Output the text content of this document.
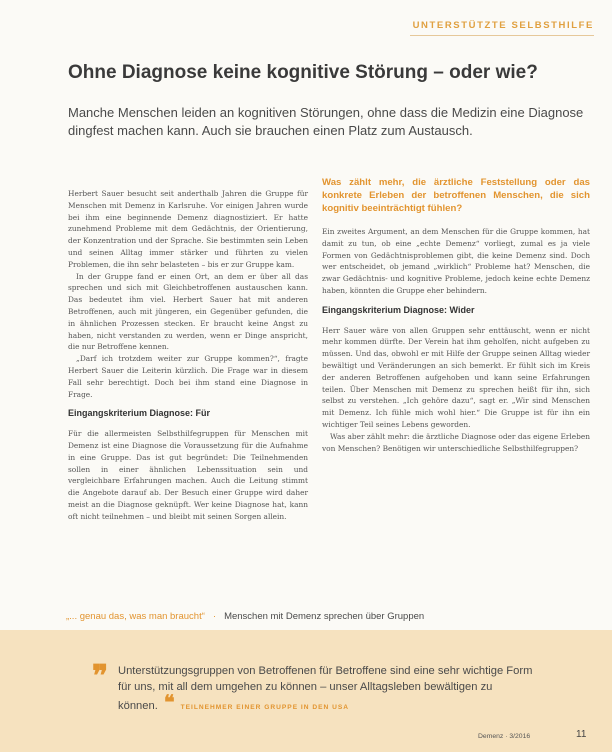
UNTERSTÜTZTE SELBSTHILFE
Ohne Diagnose keine kognitive Störung – oder wie?

Manche Menschen leiden an kognitiven Störungen, ohne dass die Medizin eine Diagnose dingfest machen kann. Auch sie brauchen einen Platz zum Austausch.

Herbert Sauer besucht seit anderthalb Jahren die Gruppe für Menschen mit Demenz in Karlsruhe. Vor einigen Jahren wurde bei ihm eine beginnende Demenz diagnostiziert. Er hatte zunehmend Probleme mit dem Gedächtnis, der Orientierung, der Konzentration und der Sprache. Sie bestimmten sein Leben und seinen Alltag immer stärker und führten zu vielen Problemen, die ihn sehr belasteten – bis er zur Gruppe kam.

In der Gruppe fand er einen Ort, an dem er über all das sprechen und sich mit Gleichbetroffenen austauschen kann. Das bedeutet ihm viel. Herbert Sauer hat mit anderen Betroffenen, auch mit jüngeren, ein Gegenüber gefunden, die in ähnlichen Prozessen stecken. Er braucht keine Angst zu haben, nicht verstanden zu werden, wenn er Dinge anspricht, die nur Betroffene kennen.

„Darf ich trotzdem weiter zur Gruppe kommen?“, fragte Herbert Sauer die Leiterin kürzlich. Die Frage war in diesem Fall sehr berechtigt. Doch bei ihm stand eine Diagnose in Frage.

Eingangskriterium Diagnose: Für

Für die allermeisten Selbsthilfegruppen für Menschen mit Demenz ist eine Diagnose die Voraussetzung für die Aufnahme in eine Gruppe. Das ist gut begründet: Die Teilnehmenden sollen in einer ähnlichen Lebenssituation sein und vergleichbare Erfahrungen machen. Auch die Leitung stimmt die Angebote darauf ab. Der Besuch einer Gruppe wird daher meist an die Diagnose geknüpft. Wer keine Diagnose hat, kann oft nicht teilnehmen – und bleibt mit seinen Sorgen allein.

Was zählt mehr, die ärztliche Feststellung oder das konkrete Erleben der betroffenen Menschen, die sich kognitiv beeinträchtigt fühlen?

Ein zweites Argument, an dem Menschen für die Gruppe kommen, hat damit zu tun, ob eine „echte Demenz“ vorliegt, zumal es ja viele Formen von Gedächtnisproblemen gibt, die keine Demenz sind. Doch wer entscheidet, ob jemand „wirklich“ Probleme hat? Menschen, die zwar Gedächtnis- und kognitive Probleme, jedoch keine echte Demenz haben, könnten die Gruppe eher behindern.

Eingangskriterium Diagnose: Wider

Herr Sauer wäre von allen Gruppen sehr enttäuscht, wenn er nicht mehr kommen dürfte. Der Verein hat ihm geholfen, nicht aufgeben zu müssen. Und das, obwohl er mit Hilfe der Gruppe seinen Alltag wieder bewältigt und Veränderungen an sich bemerkt. Er fühlt sich im Kreis der anderen Betroffenen aufgehoben und kann seine Erfahrungen teilen. Über Menschen mit Demenz zu sprechen heißt für ihn, sich selbst zu verstehen. „Ich gehöre dazu“, sagt er. „Wir sind Menschen mit Demenz. Ich fühle mich wohl hier.“ Die Gruppe ist für ihn ein wichtiger Teil seines Lebens geworden.

Was aber zählt mehr: die ärztliche Diagnose oder das eigene Erleben von Menschen? Benötigen wir unterschiedliche Selbsthilfegruppen?

„... genau das, was man braucht“ · Menschen mit Demenz sprechen über Gruppen
❞ Unterstützungsgruppen von Betroffenen für Betroffene sind eine sehr wichtige Form für uns, mit all dem umgehen zu können – unser Alltagsleben bewältigen zu können. ❝ TEILNEHMER EINER GRUPPE IN DEN USA

Demenz · 3/2016	11
